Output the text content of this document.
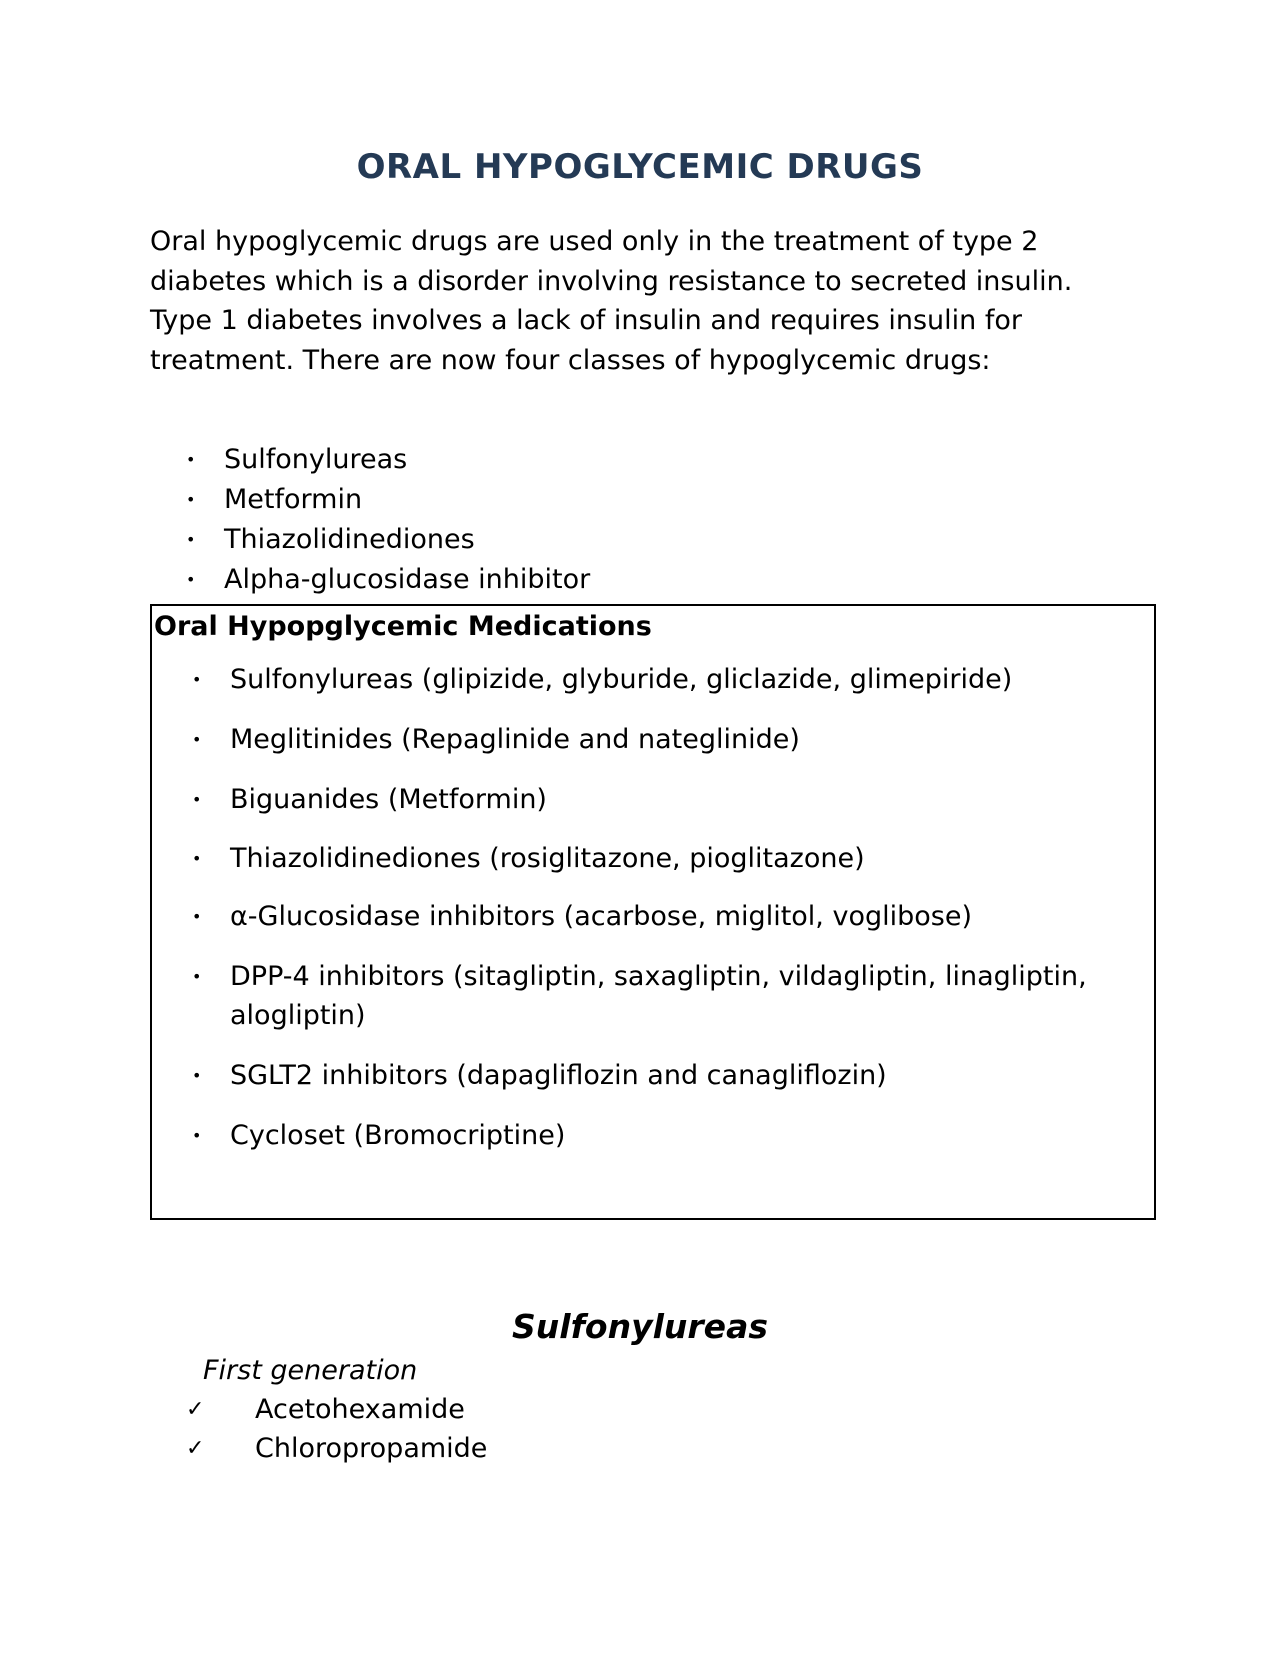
ORAL HYPOGLYCEMIC DRUGS

Oral hypoglycemic drugs are used only in the treatment of type 2 diabetes which is a disorder involving resistance to secreted insulin. Type 1 diabetes involves a lack of insulin and requires insulin for treatment. There are now four classes of hypoglycemic drugs:

• Sulfonylureas
• Metformin
• Thiazolidinediones
• Alpha-glucosidase inhibitor
Oral Hypopglycemic Medications
• Sulfonylureas (glipizide, glyburide, gliclazide, glimepiride)
• Meglitinides (Repaglinide and nateglinide)
• Biguanides (Metformin)
• Thiazolidinediones (rosiglitazone, pioglitazone)
• α-Glucosidase inhibitors (acarbose, miglitol, voglibose)
• DPP-4 inhibitors (sitagliptin, saxagliptin, vildagliptin, linagliptin, alogliptin)
• SGLT2 inhibitors (dapagliflozin and canagliflozin)
• Cycloset (Bromocriptine)
Sulfonylureas
First generation
✓ Acetohexamide
✓ Chloropropamide
